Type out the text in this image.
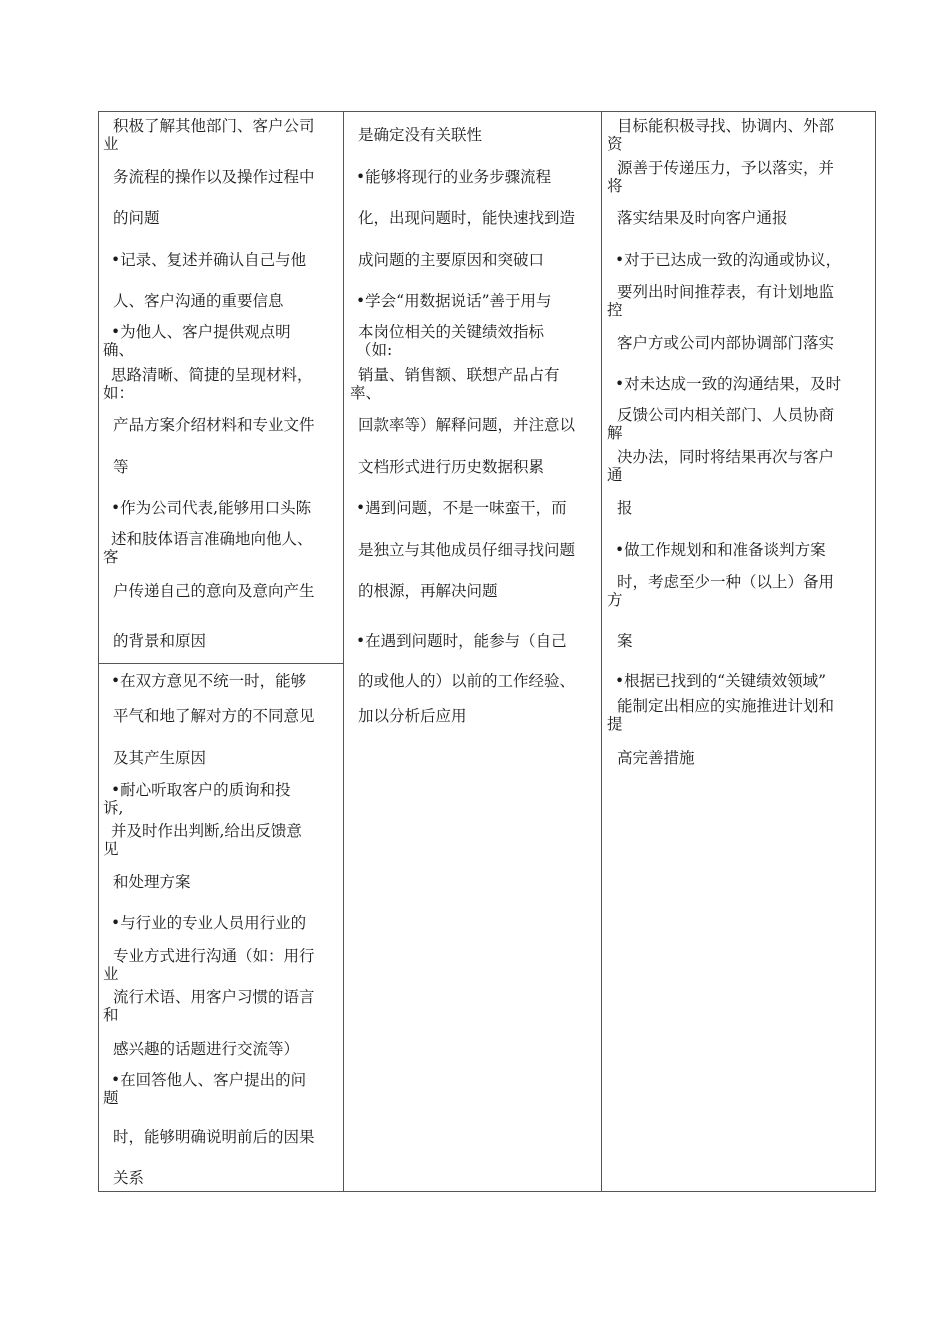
积极了解其他部门、客户公司
业
务流程的操作以及操作过程中
的问题
•记录、复述并确认自己与他
人、客户沟通的重要信息
•为他人、客户提供观点明
确、
思路清晰、简捷的呈现材料，
如：
产品方案介绍材料和专业文件
等
•作为公司代表,能够用口头陈
述和肢体语言准确地向他人、
客
户传递自己的意向及意向产生
的背景和原因
•在双方意见不统一时，能够
平气和地了解对方的不同意见
及其产生原因
•耐心听取客户的质询和投
诉,
并及时作出判断,给出反馈意
见
和处理方案
•与行业的专业人员用行业的
专业方式进行沟通（如：用行
业
流行术语、用客户习惯的语言
和
感兴趣的话题进行交流等）
•在回答他人、客户提出的问
题
时，能够明确说明前后的因果
关系
是确定没有关联性
•能够将现行的业务步骤流程
化，出现问题时，能快速找到造
成问题的主要原因和突破口
•学会“用数据说话”善于用与
本岗位相关的关键绩效指标
（如:
销量、销售额、联想产品占有
率、
回款率等）解释问题，并注意以
文档形式进行历史数据积累
•遇到问题，不是一味蛮干，而
是独立与其他成员仔细寻找问题
的根源，再解决问题
•在遇到问题时，能参与（自己
的或他人的）以前的工作经验、
加以分析后应用
目标能积极寻找、协调内、外部
资
源善于传递压力，予以落实，并
将
落实结果及时向客户通报
•对于已达成一致的沟通或协议，
要列出时间推荐表，有计划地监
控
客户方或公司内部协调部门落实
•对未达成一致的沟通结果，及时
反馈公司内相关部门、人员协商
解
决办法，同时将结果再次与客户
通
报
•做工作规划和和准备谈判方案
时，考虑至少一种（以上）备用
方
案
•根据已找到的“关键绩效领域”
能制定出相应的实施推进计划和
提
高完善措施
